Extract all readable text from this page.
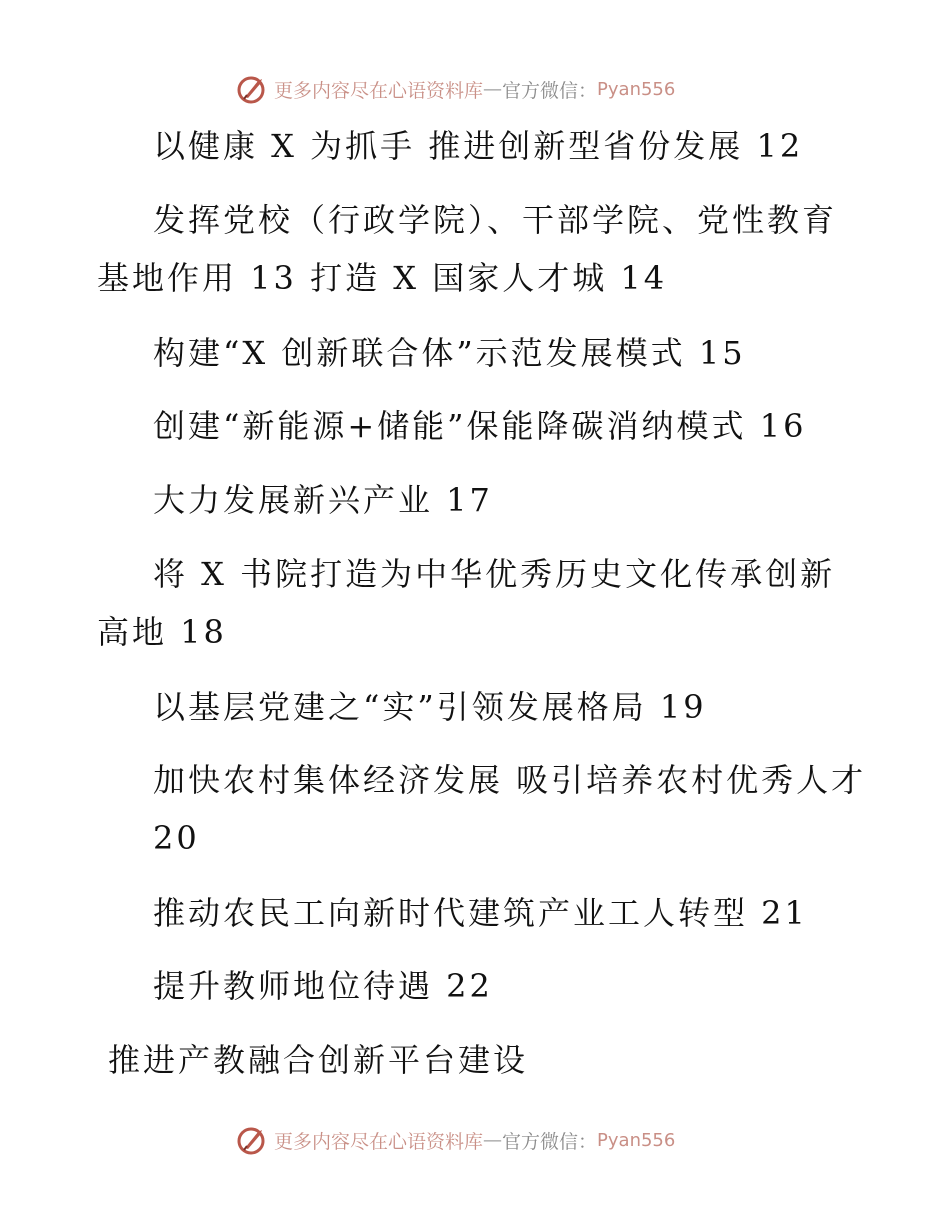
更多内容尽在心语资料库 — 官方微信： Pyan556
以健康 X 为抓手 推进创新型省份发展 12
发挥党校（行政学院）、干部学院、党性教育
基地作用 13 打造 X 国家人才城 14
构建“X 创新联合体”示范发展模式 15
创建“新能源+储能”保能降碳消纳模式 16
大力发展新兴产业 17
将 X 书院打造为中华优秀历史文化传承创新
高地 18
以基层党建之“实”引领发展格局 19
加快农村集体经济发展 吸引培养农村优秀人才
20
推动农民工向新时代建筑产业工人转型 21
提升教师地位待遇 22
推进产教融合创新平台建设
更多内容尽在心语资料库 — 官方微信： Pyan556
